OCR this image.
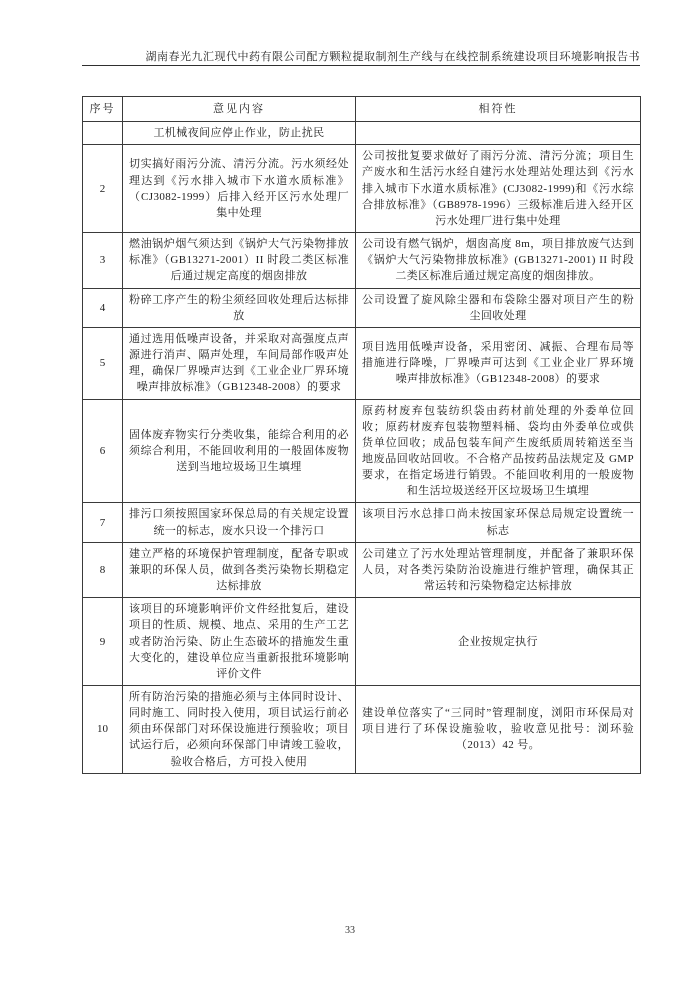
湖南春光九汇现代中药有限公司配方颗粒提取制剂生产线与在线控制系统建设项目环境影响报告书
序号	意见内容	相符性
	工机械夜间应停止作业，防止扰民	
2	切实搞好雨污分流、清污分流。污水须经处理达到《污水排入城市下水道水质标准》（CJ3082-1999）后排入经开区污水处理厂集中处理	公司按批复要求做好了雨污分流、清污分流；项目生产废水和生活污水经自建污水处理站处理达到《污水排入城市下水道水质标准》(CJ3082-1999)和《污水综合排放标准》（GB8978-1996）三级标准后进入经开区污水处理厂进行集中处理
3	燃油锅炉烟气须达到《锅炉大气污染物排放标准》（GB13271-2001）II 时段二类区标准后通过规定高度的烟囱排放	公司设有燃气锅炉，烟囱高度 8m，项目排放废气达到《锅炉大气污染物排放标准》(GB13271-2001) II 时段二类区标准后通过规定高度的烟囱排放。
4	粉碎工序产生的粉尘须经回收处理后达标排放	公司设置了旋风除尘器和布袋除尘器对项目产生的粉尘回收处理
5	通过选用低噪声设备，并采取对高强度点声源进行消声、隔声处理，车间局部作吸声处理，确保厂界噪声达到《工业企业厂界环境噪声排放标准》（GB12348-2008）的要求	项目选用低噪声设备，采用密闭、减振、合理布局等措施进行降噪，厂界噪声可达到《工业企业厂界环境噪声排放标准》（GB12348-2008）的要求
6	固体废弃物实行分类收集，能综合利用的必须综合利用，不能回收利用的一般固体废物送到当地垃圾场卫生填埋	原药材废弃包装纺织袋由药材前处理的外委单位回收；原药材废弃包装物塑料桶、袋均由外委单位或供货单位回收；成品包装车间产生废纸质周转箱送至当地废品回收站回收。不合格产品按药品法规定及 GMP 要求，在指定场进行销毁。不能回收利用的一般废物和生活垃圾送经开区垃圾场卫生填埋
7	排污口须按照国家环保总局的有关规定设置统一的标志，废水只设一个排污口	该项目污水总排口尚未按国家环保总局规定设置统一标志
8	建立严格的环境保护管理制度，配备专职或兼职的环保人员，做到各类污染物长期稳定达标排放	公司建立了污水处理站管理制度，并配备了兼职环保人员，对各类污染防治设施进行维护管理，确保其正常运转和污染物稳定达标排放
9	该项目的环境影响评价文件经批复后，建设项目的性质、规模、地点、采用的生产工艺或者防治污染、防止生态破坏的措施发生重大变化的，建设单位应当重新报批环境影响评价文件	企业按规定执行
10	所有防治污染的措施必须与主体同时设计、同时施工、同时投入使用，项目试运行前必须由环保部门对环保设施进行预验收；项目试运行后，必须向环保部门申请竣工验收，验收合格后，方可投入使用	建设单位落实了“三同时”管理制度，浏阳市环保局对项目进行了环保设施验收，验收意见批号：浏环验（2013）42 号。
33
